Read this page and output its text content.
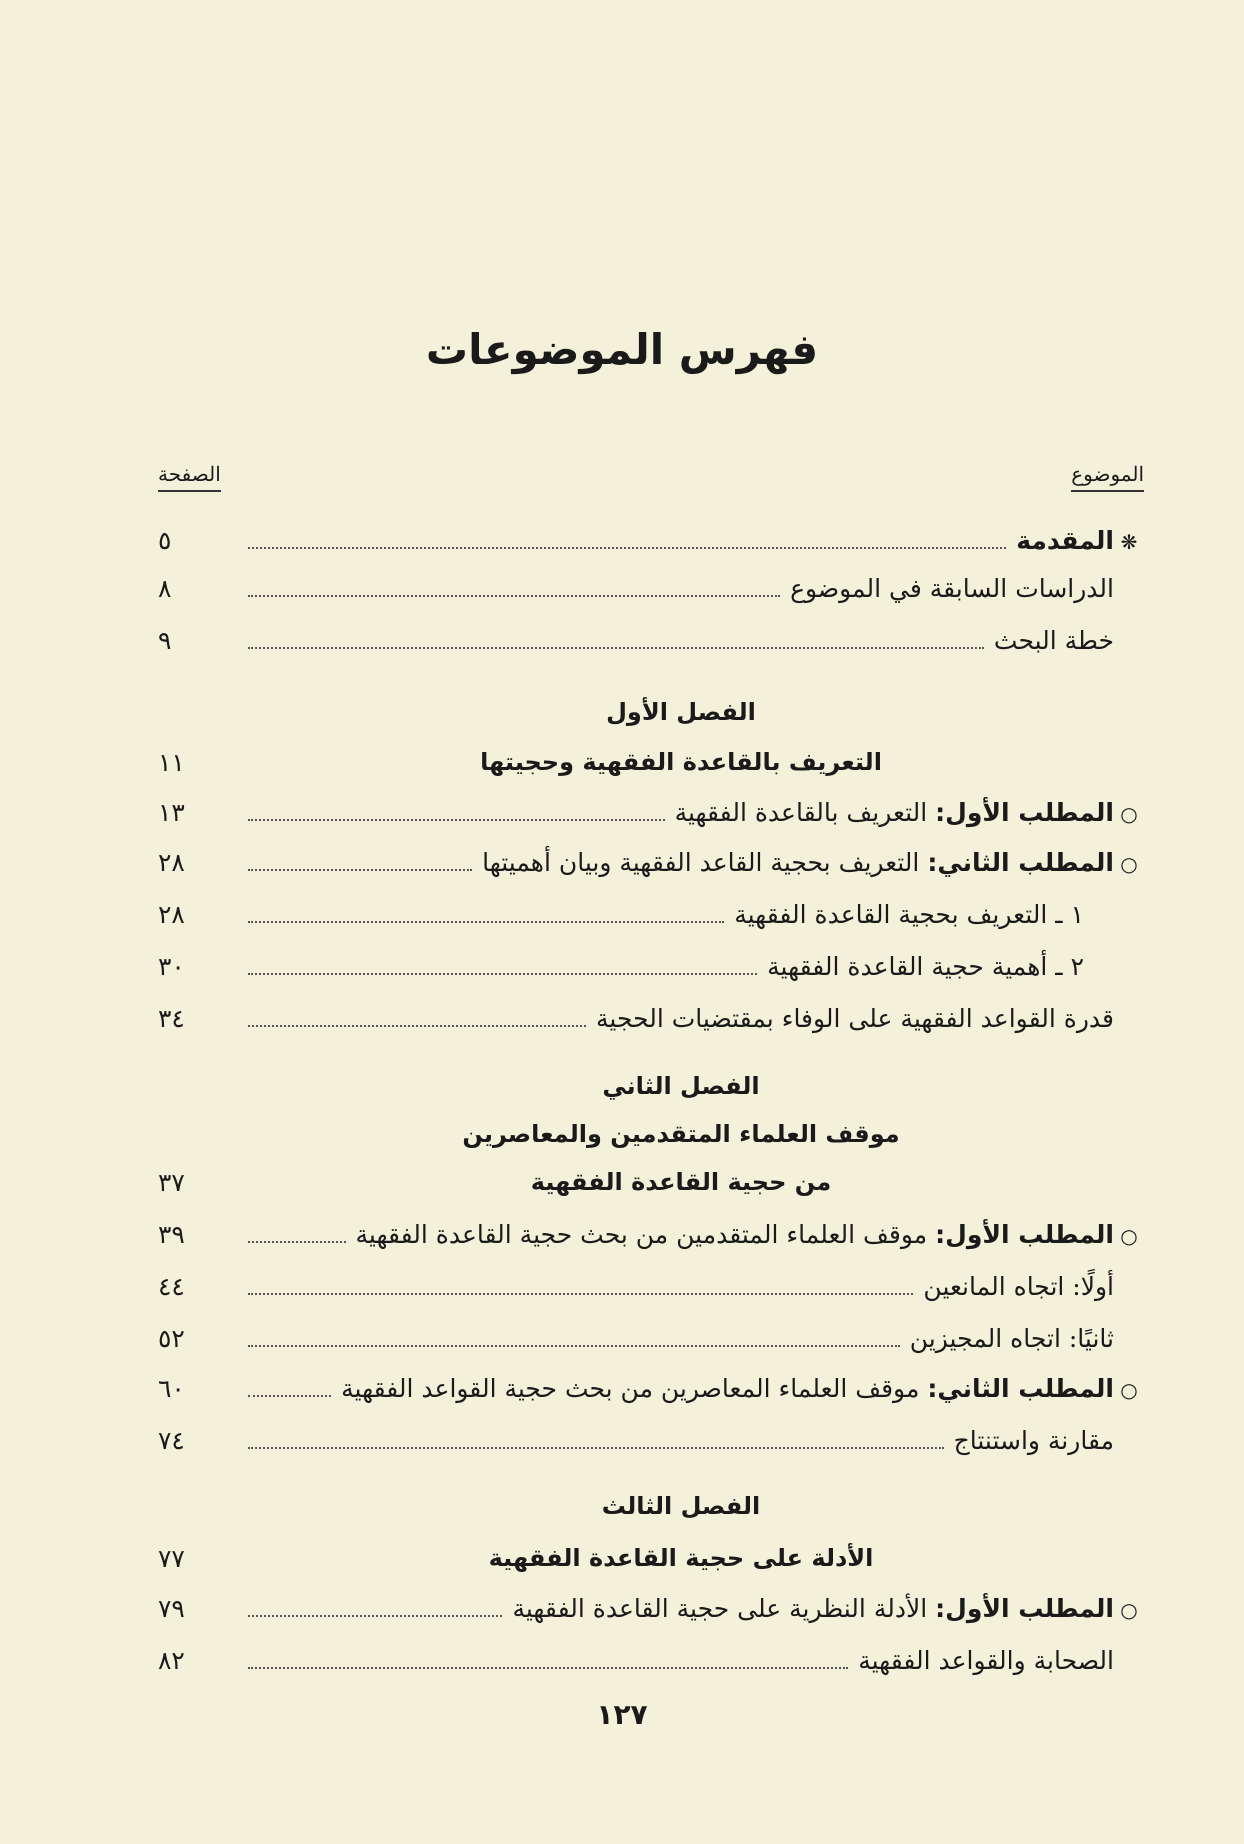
فهرس الموضوعات
الموضوع
الصفحة
❋المقدمة
٥
الدراسات السابقة في الموضوع
٨
خطة البحث
٩
الفصل الأول
التعريف بالقاعدة الفقهية وحجيتها
١١
○المطلب الأول: التعريف بالقاعدة الفقهية
١٣
○المطلب الثاني: التعريف بحجية القاعد الفقهية وبيان أهميتها
٢٨
١ ـ التعريف بحجية القاعدة الفقهية
٢٨
٢ ـ أهمية حجية القاعدة الفقهية
٣٠
قدرة القواعد الفقهية على الوفاء بمقتضيات الحجية
٣٤
الفصل الثاني
موقف العلماء المتقدمين والمعاصرين
من حجية القاعدة الفقهية
٣٧
○المطلب الأول: موقف العلماء المتقدمين من بحث حجية القاعدة الفقهية
٣٩
أولًا: اتجاه المانعين
٤٤
ثانيًا: اتجاه المجيزين
٥٢
○المطلب الثاني: موقف العلماء المعاصرين من بحث حجية القواعد الفقهية
٦٠
مقارنة واستنتاج
٧٤
الفصل الثالث
الأدلة على حجية القاعدة الفقهية
٧٧
○المطلب الأول: الأدلة النظرية على حجية القاعدة الفقهية
٧٩
الصحابة والقواعد الفقهية
٨٢
١٢٧
